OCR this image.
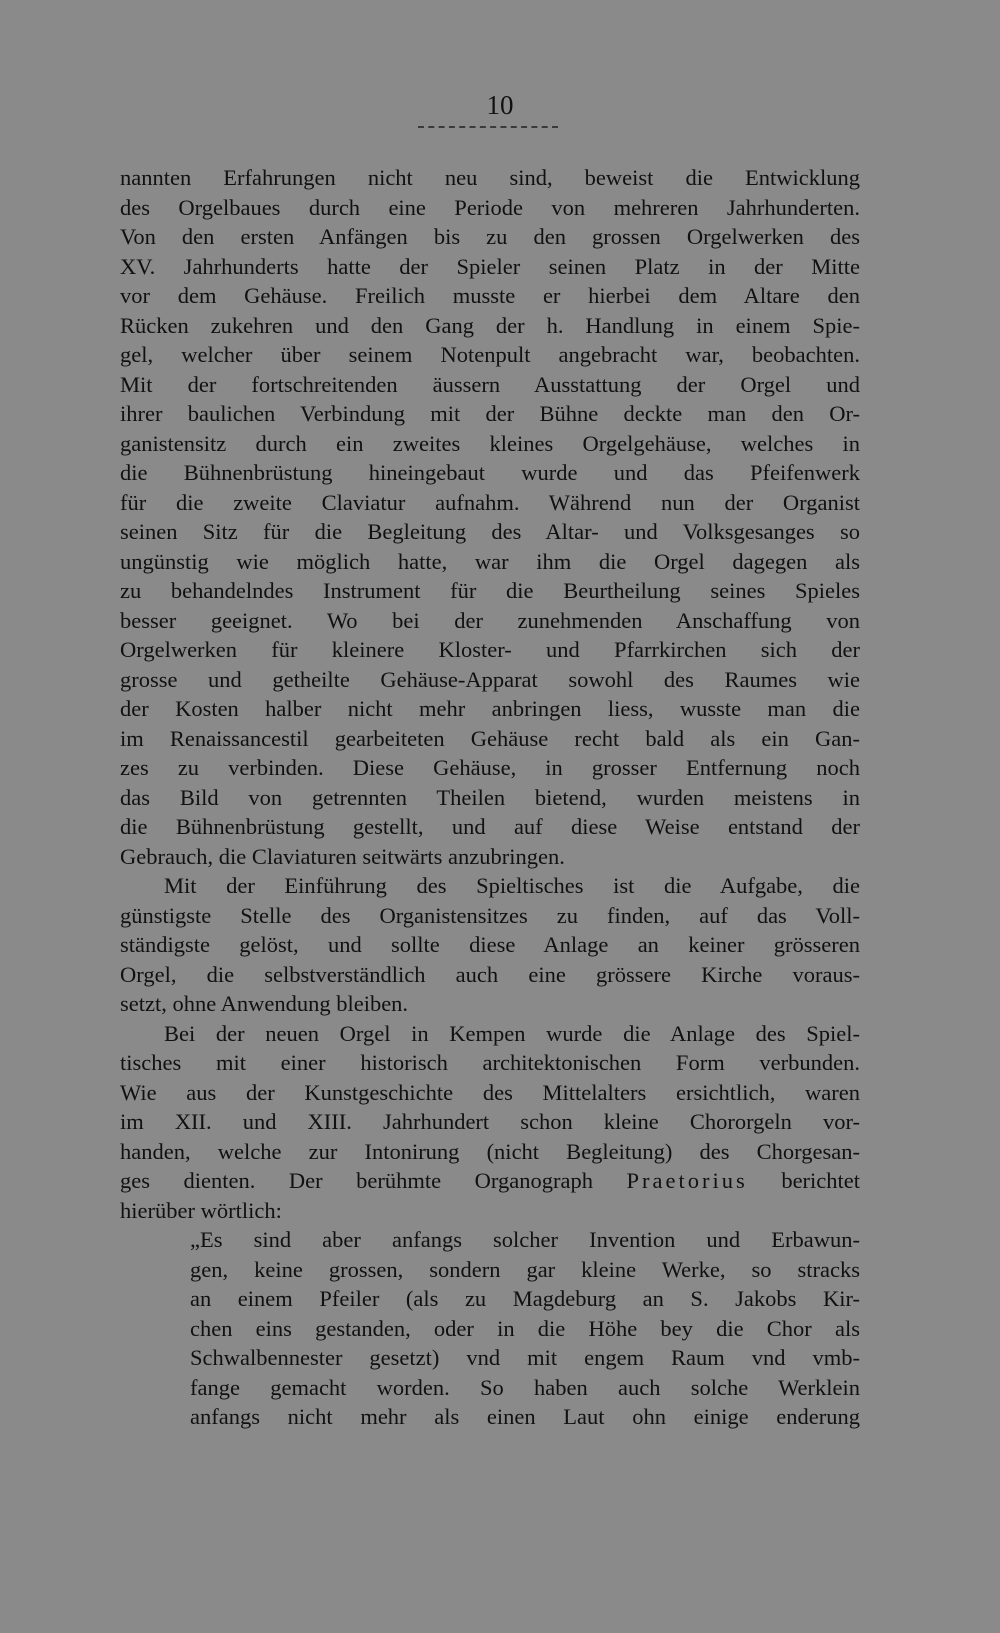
10
nannten Erfahrungen nicht neu sind, beweist die Entwicklung
des Orgelbaues durch eine Periode von mehreren Jahrhunderten.
Von den ersten Anfängen bis zu den grossen Orgelwerken des
XV. Jahrhunderts hatte der Spieler seinen Platz in der Mitte
vor dem Gehäuse. Freilich musste er hierbei dem Altare den
Rücken zukehren und den Gang der h. Handlung in einem Spie-
gel, welcher über seinem Notenpult angebracht war, beobachten.
Mit der fortschreitenden äussern Ausstattung der Orgel und
ihrer baulichen Verbindung mit der Bühne deckte man den Or-
ganistensitz durch ein zweites kleines Orgelgehäuse, welches in
die Bühnenbrüstung hineingebaut wurde und das Pfeifenwerk
für die zweite Claviatur aufnahm. Während nun der Organist
seinen Sitz für die Begleitung des Altar- und Volksgesanges so
ungünstig wie möglich hatte, war ihm die Orgel dagegen als
zu behandelndes Instrument für die Beurtheilung seines Spieles
besser geeignet. Wo bei der zunehmenden Anschaffung von
Orgelwerken für kleinere Kloster- und Pfarrkirchen sich der
grosse und getheilte Gehäuse-Apparat sowohl des Raumes wie
der Kosten halber nicht mehr anbringen liess, wusste man die
im Renaissancestil gearbeiteten Gehäuse recht bald als ein Gan-
zes zu verbinden. Diese Gehäuse, in grosser Entfernung noch
das Bild von getrennten Theilen bietend, wurden meistens in
die Bühnenbrüstung gestellt, und auf diese Weise entstand der
Gebrauch, die Claviaturen seitwärts anzubringen.
Mit der Einführung des Spieltisches ist die Aufgabe, die
günstigste Stelle des Organistensitzes zu finden, auf das Voll-
ständigste gelöst, und sollte diese Anlage an keiner grösseren
Orgel, die selbstverständlich auch eine grössere Kirche voraus-
setzt, ohne Anwendung bleiben.
Bei der neuen Orgel in Kempen wurde die Anlage des Spiel-
tisches mit einer historisch architektonischen Form verbunden.
Wie aus der Kunstgeschichte des Mittelalters ersichtlich, waren
im XII. und XIII. Jahrhundert schon kleine Chororgeln vor-
handen, welche zur Intonirung (nicht Begleitung) des Chorgesan-
ges dienten. Der berühmte Organograph Praetorius berichtet
hierüber wörtlich:
„Es sind aber anfangs solcher Invention und Erbawun-
gen, keine grossen, sondern gar kleine Werke, so stracks
an einem Pfeiler (als zu Magdeburg an S. Jakobs Kir-
chen eins gestanden, oder in die Höhe bey die Chor als
Schwalbennester gesetzt) vnd mit engem Raum vnd vmb-
fange gemacht worden. So haben auch solche Werklein
anfangs nicht mehr als einen Laut ohn einige enderung
